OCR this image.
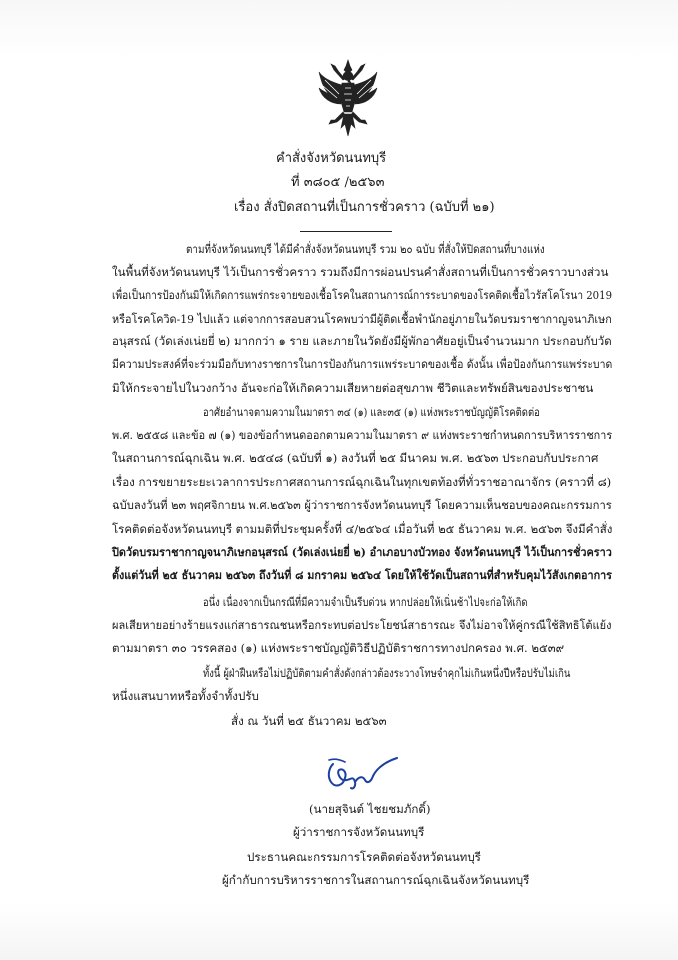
คำสั่งจังหวัดนนทบุรี
ที่ ๓๘๐๕ /๒๕๖๓
เรื่อง สั่งปิดสถานที่เป็นการชั่วคราว (ฉบับที่ ๒๑)
ตามที่จังหวัดนนทบุรี ได้มีคำสั่งจังหวัดนนทบุรี รวม ๒๐ ฉบับ ที่สั่งให้ปิดสถานที่บางแห่ง
ในพื้นที่จังหวัดนนทบุรี ไว้เป็นการชั่วคราว รวมถึงมีการผ่อนปรนคำสั่งสถานที่เป็นการชั่วคราวบางส่วน
เพื่อเป็นการป้องกันมิให้เกิดการแพร่กระจายของเชื้อโรคในสถานการณ์การระบาดของโรคติดเชื้อไวรัสโคโรนา 2019
หรือโรคโควิด-19 ไปแล้ว แต่จากการสอบสวนโรคพบว่ามีผู้ติดเชื้อพำนักอยู่ภายในวัดบรมราชากาญจนาภิเษก
อนุสรณ์ (วัดเล่งเน่ยยี่ ๒) มากกว่า ๑ ราย และภายในวัดยังมีผู้พักอาศัยอยู่เป็นจำนวนมาก ประกอบกับวัด
มีความประสงค์ที่จะร่วมมือกับทางราชการในการป้องกันการแพร่ระบาดของเชื้อ ดังนั้น เพื่อป้องกันการแพร่ระบาด
มิให้กระจายไปในวงกว้าง อันจะก่อให้เกิดความเสียหายต่อสุขภาพ ชีวิตและทรัพย์สินของประชาชน
อาศัยอำนาจตามความในมาตรา ๓๔ (๑) และ๓๕ (๑) แห่งพระราชบัญญัติโรคติดต่อ
พ.ศ. ๒๕๕๘ และข้อ ๗ (๑) ของข้อกำหนดออกตามความในมาตรา ๙ แห่งพระราชกำหนดการบริหารราชการ
ในสถานการณ์ฉุกเฉิน พ.ศ. ๒๕๔๘ (ฉบับที่ ๑) ลงวันที่ ๒๕ มีนาคม พ.ศ. ๒๕๖๓ ประกอบกับประกาศ
เรื่อง การขยายระยะเวลาการประกาศสถานการณ์ฉุกเฉินในทุกเขตท้องที่ทั่วราชอาณาจักร (คราวที่ ๘)
ฉบับลงวันที่ ๒๓ พฤศจิกายน พ.ศ.๒๕๖๓ ผู้ว่าราชการจังหวัดนนทบุรี โดยความเห็นชอบของคณะกรรมการ
โรคติดต่อจังหวัดนนทบุรี ตามมติที่ประชุมครั้งที่ ๔/๒๕๖๔ เมื่อวันที่ ๒๕ ธันวาคม พ.ศ. ๒๕๖๓ จึงมีคำสั่ง
ปิดวัดบรมราชากาญจนาภิเษกอนุสรณ์ (วัดเล่งเน่ยยี่ ๒) อำเภอบางบัวทอง จังหวัดนนทบุรี ไว้เป็นการชั่วคราว
ตั้งแต่วันที่ ๒๕ ธันวาคม ๒๕๖๓ ถึงวันที่ ๘ มกราคม ๒๕๖๔ โดยให้ใช้วัดเป็นสถานที่สำหรับคุมไว้สังเกตอาการ
อนึ่ง เนื่องจากเป็นกรณีที่มีความจำเป็นรีบด่วน หากปล่อยให้เนิ่นช้าไปจะก่อให้เกิด
ผลเสียหายอย่างร้ายแรงแก่สาธารณชนหรือกระทบต่อประโยชน์สาธารณะ จึงไม่อาจให้คู่กรณีใช้สิทธิโต้แย้ง
ตามมาตรา ๓๐ วรรคสอง (๑) แห่งพระราชบัญญัติวิธีปฏิบัติราชการทางปกครอง พ.ศ. ๒๕๓๙
ทั้งนี้ ผู้ฝ่าฝืนหรือไม่ปฏิบัติตามคำสั่งดังกล่าวต้องระวางโทษจำคุกไม่เกินหนึ่งปีหรือปรับไม่เกิน
หนึ่งแสนบาทหรือทั้งจำทั้งปรับ
สั่ง ณ วันที่ ๒๕ ธันวาคม ๒๕๖๓
(นายสุจินต์ ไชยชมภักดิ์)
ผู้ว่าราชการจังหวัดนนทบุรี
ประธานคณะกรรมการโรคติดต่อจังหวัดนนทบุรี
ผู้กำกับการบริหารราชการในสถานการณ์ฉุกเฉินจังหวัดนนทบุรี
